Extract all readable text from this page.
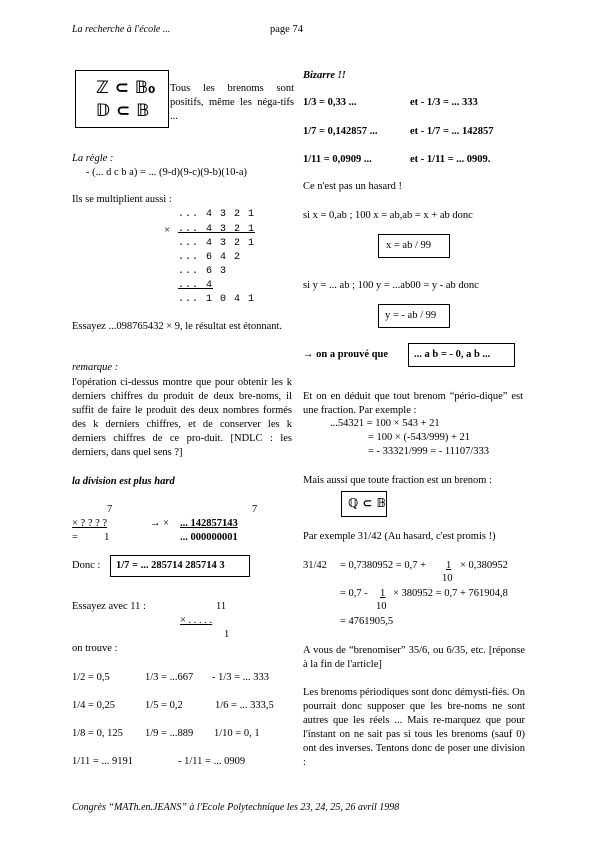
La recherche à l'école ...	page 74
ℤ ⊂ 𝔹₀
𝔻 ⊂ 𝔹
Tous les brenoms sont positifs, même les néga-tifs ...
La règle :
- (... d c b a) = ... (9-d)(9-c)(9-b)(10-a)
Ils se multiplient aussi :
×
... 4 3 2 1
... 4 3 2 1
... 4 3 2 1
... 6 4 2
... 6 3
... 4
... 1 0 4 1
Essayez ...098765432 × 9, le résultat est étonnant.
remarque :
l'opération ci-dessus montre que pour obtenir les k derniers chiffres du produit de deux bre-noms, il suffit de faire le produit des deux nombres formés des k derniers chiffres, et de conserver les k derniers chiffres de ce pro-duit. [NDLC : les derniers, dans quel sens ?]
la division est plus hard
7	7
× ? ? ? ?	→ × ... 142857143
=          1	... 000000001
Donc : 1/7 = ... 285714 285714 3
Essayez avec 11 :	11
× . . . . .
1
on trouve :
1/2 = 0,5	1/3 = ...667 - 1/3 = ... 333
1/4 = 0,25	1/5 = 0,2	1/6 = ... 333,5
1/8 = 0, 125 1/9 = ...889 1/10 = 0, 1
1/11 = ... 9191	- 1/11 = ... 0909
Bizarre !!
1/3 = 0,33 ...	et - 1/3 = ... 333
1/7 = 0,142857 ...	et - 1/7 = ... 142857
1/11 = 0,0909 ...	et - 1/11 = ... 0909.
Ce n'est pas un hasard !
si x = 0,ab ; 100 x = ab,ab = x + ab donc
x = ab / 99
si y = ... ab ; 100 y = ...ab00 = y - ab donc
y = - ab / 99
→ on a prouvé que ... a b = - 0, a b ...
Et on en déduit que tout brenom “pério-dique” est une fraction. Par exemple :
...54321 = 100 × 543 + 21
= 100 × (-543/999) + 21
= - 33321/999 = - 11107/333
Mais aussi que toute fraction est un brenom :
ℚ ⊂ 𝔹
Par exemple 31/42 (Au hasard, c'est promis !)
31/42 = 0,7380952 = 0,7 + 1 × 0,380952
10
= 0,7 - 1 × 380952 = 0,7 + 761904,8
10
= 4761905,5
A vous de “brenomiser” 35/6, ou 6/35, etc. [réponse à la fin de l'article]
Les brenoms périodiques sont donc démysti-fiés. On pourrait donc supposer que les bre-noms ne sont autres que les réels ... Mais re-marquez que pour l'instant on ne sait pas si tous les brenoms (sauf 0) ont des inverses. Tentons donc de poser une division :
Congrès “MATh.en.JEANS” à l'Ecole Polytechnique les 23, 24, 25, 26 avril 1998
